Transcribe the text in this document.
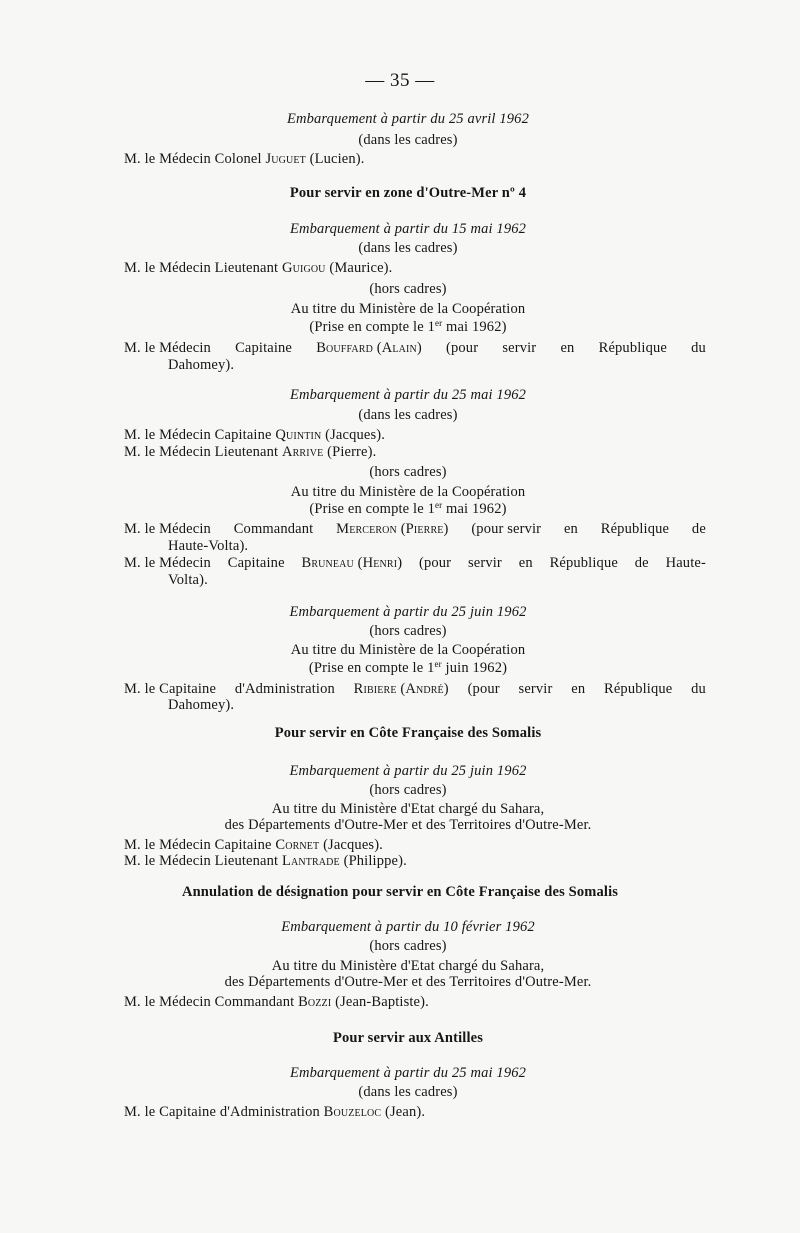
— 35 —
Embarquement à partir du 25 avril 1962
(dans les cadres)
M. le Médecin Colonel Juguet (Lucien).
Pour servir en zone d'Outre-Mer nº 4
Embarquement à partir du 15 mai 1962
(dans les cadres)
M. le Médecin Lieutenant Guigou (Maurice).
(hors cadres)
Au titre du Ministère de la Coopération
(Prise en compte le 1er mai 1962)
M. le Médecin Capitaine Bouffard (Alain) (pour servir en République du
Dahomey).
Embarquement à partir du 25 mai 1962
(dans les cadres)
M. le Médecin Capitaine Quintin (Jacques).
M. le Médecin Lieutenant Arrive (Pierre).
(hors cadres)
Au titre du Ministère de la Coopération
(Prise en compte le 1er mai 1962)
M. le Médecin Commandant Merceron (Pierre) (pour servir en République de
Haute-Volta).
M. le Médecin Capitaine Bruneau (Henri) (pour servir en République de Haute-
Volta).
Embarquement à partir du 25 juin 1962
(hors cadres)
Au titre du Ministère de la Coopération
(Prise en compte le 1er juin 1962)
M. le Capitaine d'Administration Ribiere (André) (pour servir en République du
Dahomey).
Pour servir en Côte Française des Somalis
Embarquement à partir du 25 juin 1962
(hors cadres)
Au titre du Ministère d'Etat chargé du Sahara,
des Départements d'Outre-Mer et des Territoires d'Outre-Mer.
M. le Médecin Capitaine Cornet (Jacques).
M. le Médecin Lieutenant Lantrade (Philippe).
Annulation de désignation pour servir en Côte Française des Somalis
Embarquement à partir du 10 février 1962
(hors cadres)
Au titre du Ministère d'Etat chargé du Sahara,
des Départements d'Outre-Mer et des Territoires d'Outre-Mer.
M. le Médecin Commandant Bozzi (Jean-Baptiste).
Pour servir aux Antilles
Embarquement à partir du 25 mai 1962
(dans les cadres)
M. le Capitaine d'Administration Bouzeloc (Jean).
